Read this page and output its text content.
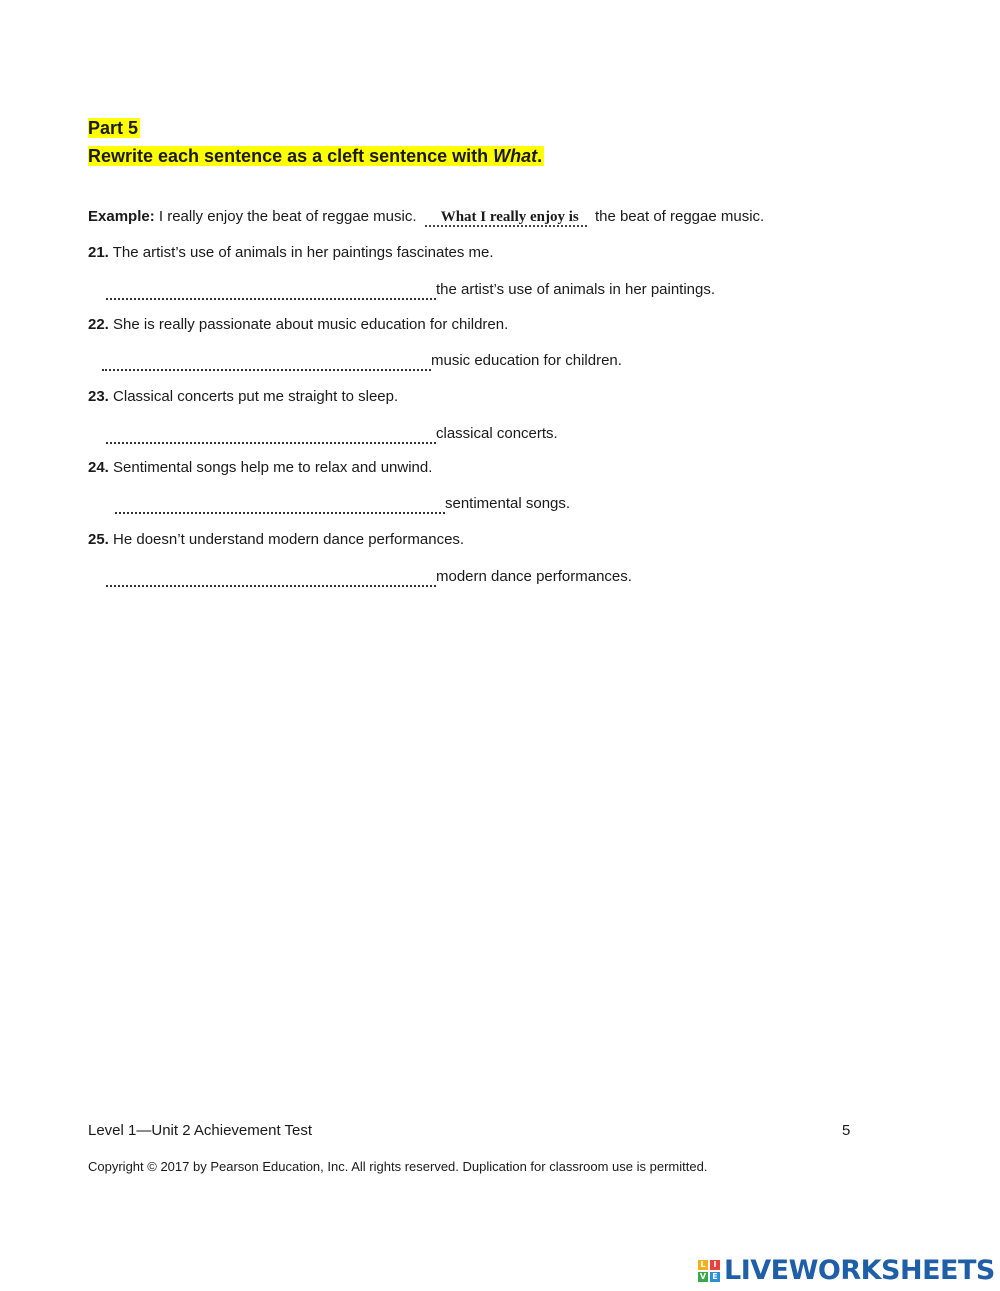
Part 5
Rewrite each sentence as a cleft sentence with What.
Example: I really enjoy the beat of reggae music. What I really enjoy is the beat of reggae music.
21. The artist’s use of animals in her paintings fascinates me.
the artist’s use of animals in her paintings.
22. She is really passionate about music education for children.
music education for children.
23. Classical concerts put me straight to sleep.
classical concerts.
24. Sentimental songs help me to relax and unwind.
sentimental songs.
25. He doesn’t understand modern dance performances.
modern dance performances.
Level 1—Unit 2 Achievement Test	5
Copyright © 2017 by Pearson Education, Inc. All rights reserved. Duplication for classroom use is permitted.
L I
V E LIVEWORKSHEETS
